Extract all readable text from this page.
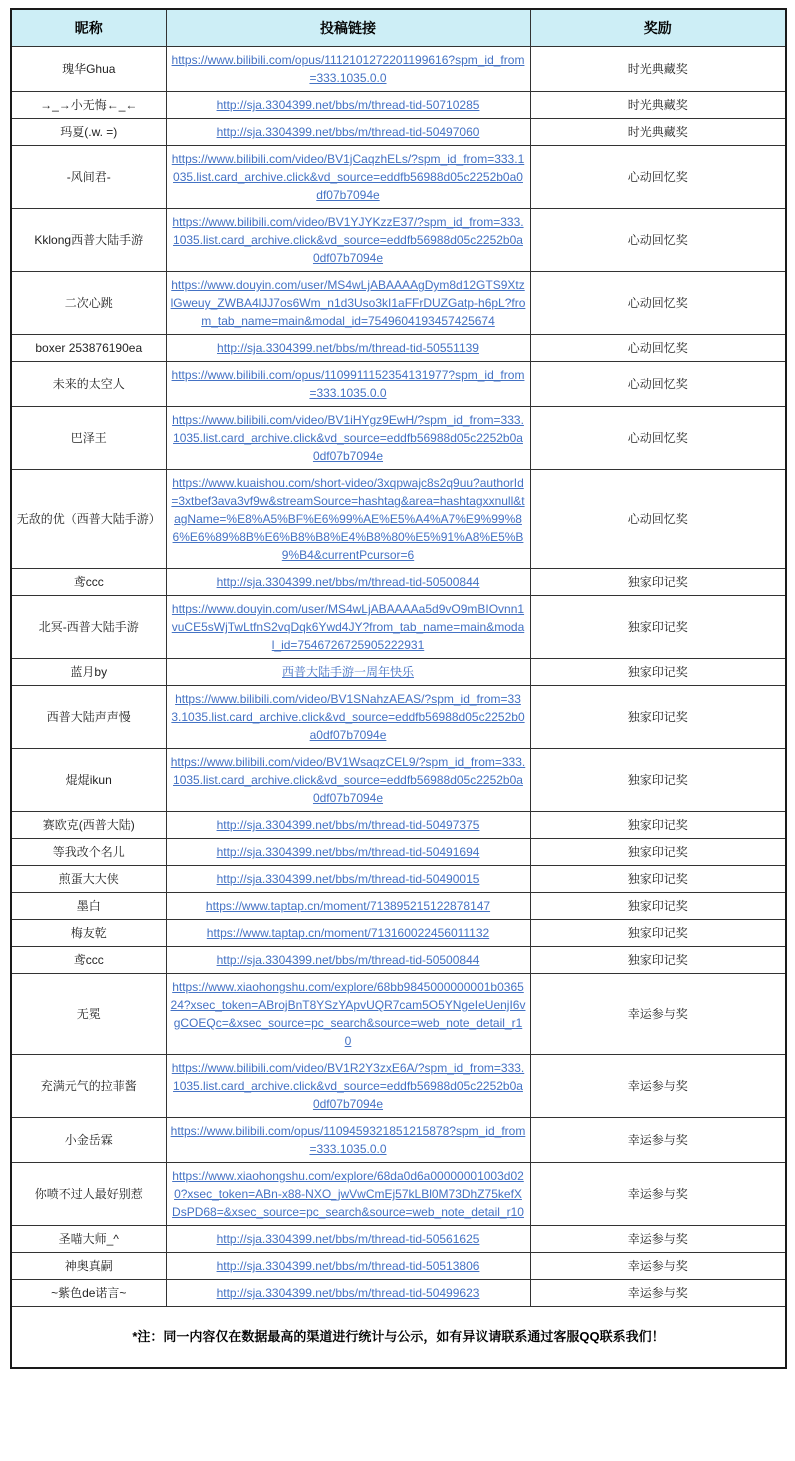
昵称	投稿链接	奖励
瑰华Ghua	https://www.bilibili.com/opus/1112101272201199616?spm_id_from=333.1035.0.0	时光典藏奖
→_→小无悔←_←	http://sja.3304399.net/bbs/m/thread-tid-50710285	时光典藏奖
玛夏(.w. =)	http://sja.3304399.net/bbs/m/thread-tid-50497060	时光典藏奖
-风间君-	https://www.bilibili.com/video/BV1jCaqzhELs/?spm_id_from=333.1035.list.card_archive.click&vd_source=eddfb56988d05c2252b0a0df07b7094e	心动回忆奖
Kklong西普大陆手游	https://www.bilibili.com/video/BV1YJYKzzE37/?spm_id_from=333.1035.list.card_archive.click&vd_source=eddfb56988d05c2252b0a0df07b7094e	心动回忆奖
二次心跳	https://www.douyin.com/user/MS4wLjABAAAAgDym8d12GTS9XtzlGweuy_ZWBA4lJJ7os6Wm_n1d3Uso3kI1aFFrDUZGatp-h6pL?from_tab_name=main&modal_id=7549604193457425674	心动回忆奖
boxer 253876190ea	http://sja.3304399.net/bbs/m/thread-tid-50551139	心动回忆奖
未来的太空人	https://www.bilibili.com/opus/1109911152354131977?spm_id_from=333.1035.0.0	心动回忆奖
巴泽王	https://www.bilibili.com/video/BV1iHYgz9EwH/?spm_id_from=333.1035.list.card_archive.click&vd_source=eddfb56988d05c2252b0a0df07b7094e	心动回忆奖
无敌的优（西普大陆手游）	https://www.kuaishou.com/short-video/3xqpwajc8s2q9uu?authorId=3xtbef3ava3vf9w&streamSource=hashtag&area=hashtagxxnull&tagName=%E8%A5%BF%E6%99%AE%E5%A4%A7%E9%99%86%E6%89%8B%E6%B8%B8%E4%B8%80%E5%91%A8%E5%B9%B4&currentPcursor=6	心动回忆奖
鸢ccc	http://sja.3304399.net/bbs/m/thread-tid-50500844	独家印记奖
北冥-西普大陆手游	https://www.douyin.com/user/MS4wLjABAAAAa5d9vO9mBIOvnn1vuCE5sWjTwLtfnS2vqDqk6Ywd4JY?from_tab_name=main&modal_id=7546726725905222931	独家印记奖
蓝月by	西普大陆手游一周年快乐	独家印记奖
西普大陆声声慢	https://www.bilibili.com/video/BV1SNahzAEAS/?spm_id_from=333.1035.list.card_archive.click&vd_source=eddfb56988d05c2252b0a0df07b7094e	独家印记奖
焜焜ikun	https://www.bilibili.com/video/BV1WsaqzCEL9/?spm_id_from=333.1035.list.card_archive.click&vd_source=eddfb56988d05c2252b0a0df07b7094e	独家印记奖
赛欧克(西普大陆)	http://sja.3304399.net/bbs/m/thread-tid-50497375	独家印记奖
等我改个名儿	http://sja.3304399.net/bbs/m/thread-tid-50491694	独家印记奖
煎蛋大大侠	http://sja.3304399.net/bbs/m/thread-tid-50490015	独家印记奖
墨白	https://www.taptap.cn/moment/713895215122878147	独家印记奖
梅友乾	https://www.taptap.cn/moment/713160022456011132	独家印记奖
鸢ccc	http://sja.3304399.net/bbs/m/thread-tid-50500844	独家印记奖
无冕	https://www.xiaohongshu.com/explore/68bb9845000000001b036524?xsec_token=ABrojBnT8YSzYApvUQR7cam5O5YNgeIeUenjI6vgCOEQc=&xsec_source=pc_search&source=web_note_detail_r10	幸运参与奖
充满元气的拉菲酱	https://www.bilibili.com/video/BV1R2Y3zxE6A/?spm_id_from=333.1035.list.card_archive.click&vd_source=eddfb56988d05c2252b0a0df07b7094e	幸运参与奖
小金岳霖	https://www.bilibili.com/opus/1109459321851215878?spm_id_from=333.1035.0.0	幸运参与奖
你喷不过人最好别惹	https://www.xiaohongshu.com/explore/68da0d6a00000001003d020?xsec_token=ABn-x88-NXO_jwVwCmEj57kLBl0M73DhZ75kefXDsPD68=&xsec_source=pc_search&source=web_note_detail_r10	幸运参与奖
圣喵大师_^	http://sja.3304399.net/bbs/m/thread-tid-50561625	幸运参与奖
神奥真嗣	http://sja.3304399.net/bbs/m/thread-tid-50513806	幸运参与奖
~紫色de诺言~	http://sja.3304399.net/bbs/m/thread-tid-50499623	幸运参与奖
*注：同一内容仅在数据最高的渠道进行统计与公示，如有异议请联系通过客服QQ联系我们！		
